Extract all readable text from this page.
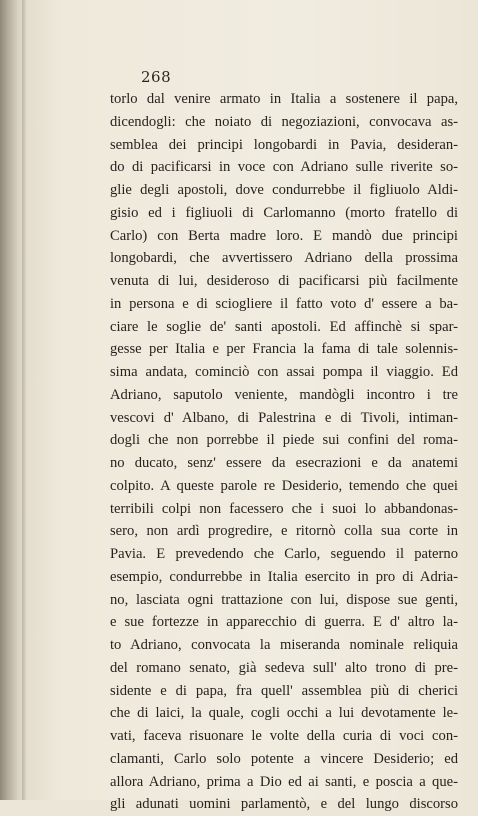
268
torlo dal venire armato in Italia a sostenere il papa,
dicendogli: che noiato di negoziazioni, convocava as-
semblea dei principi longobardi in Pavia, desideran-
do di pacificarsi in voce con Adriano sulle riverite so-
glie degli apostoli, dove condurrebbe il figliuolo Aldi-
gisio ed i figliuoli di Carlomanno (morto fratello di
Carlo) con Berta madre loro. E mandò due principi
longobardi, che avvertissero Adriano della prossima
venuta di lui, desideroso di pacificarsi più facilmente
in persona e di sciogliere il fatto voto d' essere a ba-
ciare le soglie de' santi apostoli. Ed affinchè si spar-
gesse per Italia e per Francia la fama di tale solennis-
sima andata, cominciò con assai pompa il viaggio. Ed
Adriano, saputolo veniente, mandògli incontro i tre
vescovi d' Albano, di Palestrina e di Tivoli, intiman-
dogli che non porrebbe il piede sui confini del roma-
no ducato, senz' essere da esecrazioni e da anatemi
colpito. A queste parole re Desiderio, temendo che quei
terribili colpi non facessero che i suoi lo abbandonas-
sero, non ardì progredire, e ritornò colla sua corte in
Pavia. E prevedendo che Carlo, seguendo il paterno
esempio, condurrebbe in Italia esercito in pro di Adria-
no, lasciata ogni trattazione con lui, dispose sue genti,
e sue fortezze in apparecchio di guerra. E d' altro la-
to Adriano, convocata la miseranda nominale reliquia
del romano senato, già sedeva sull' alto trono di pre-
sidente e di papa, fra quell' assemblea più di cherici
che di laici, la quale, cogli occhi a lui devotamente le-
vati, faceva risuonare le volte della curia di voci con-
clamanti, Carlo solo potente a vincere Desiderio; ed
allora Adriano, prima a Dio ed ai santi, e poscia a que-
gli adunati uomini parlamentò, e del lungo discorso
